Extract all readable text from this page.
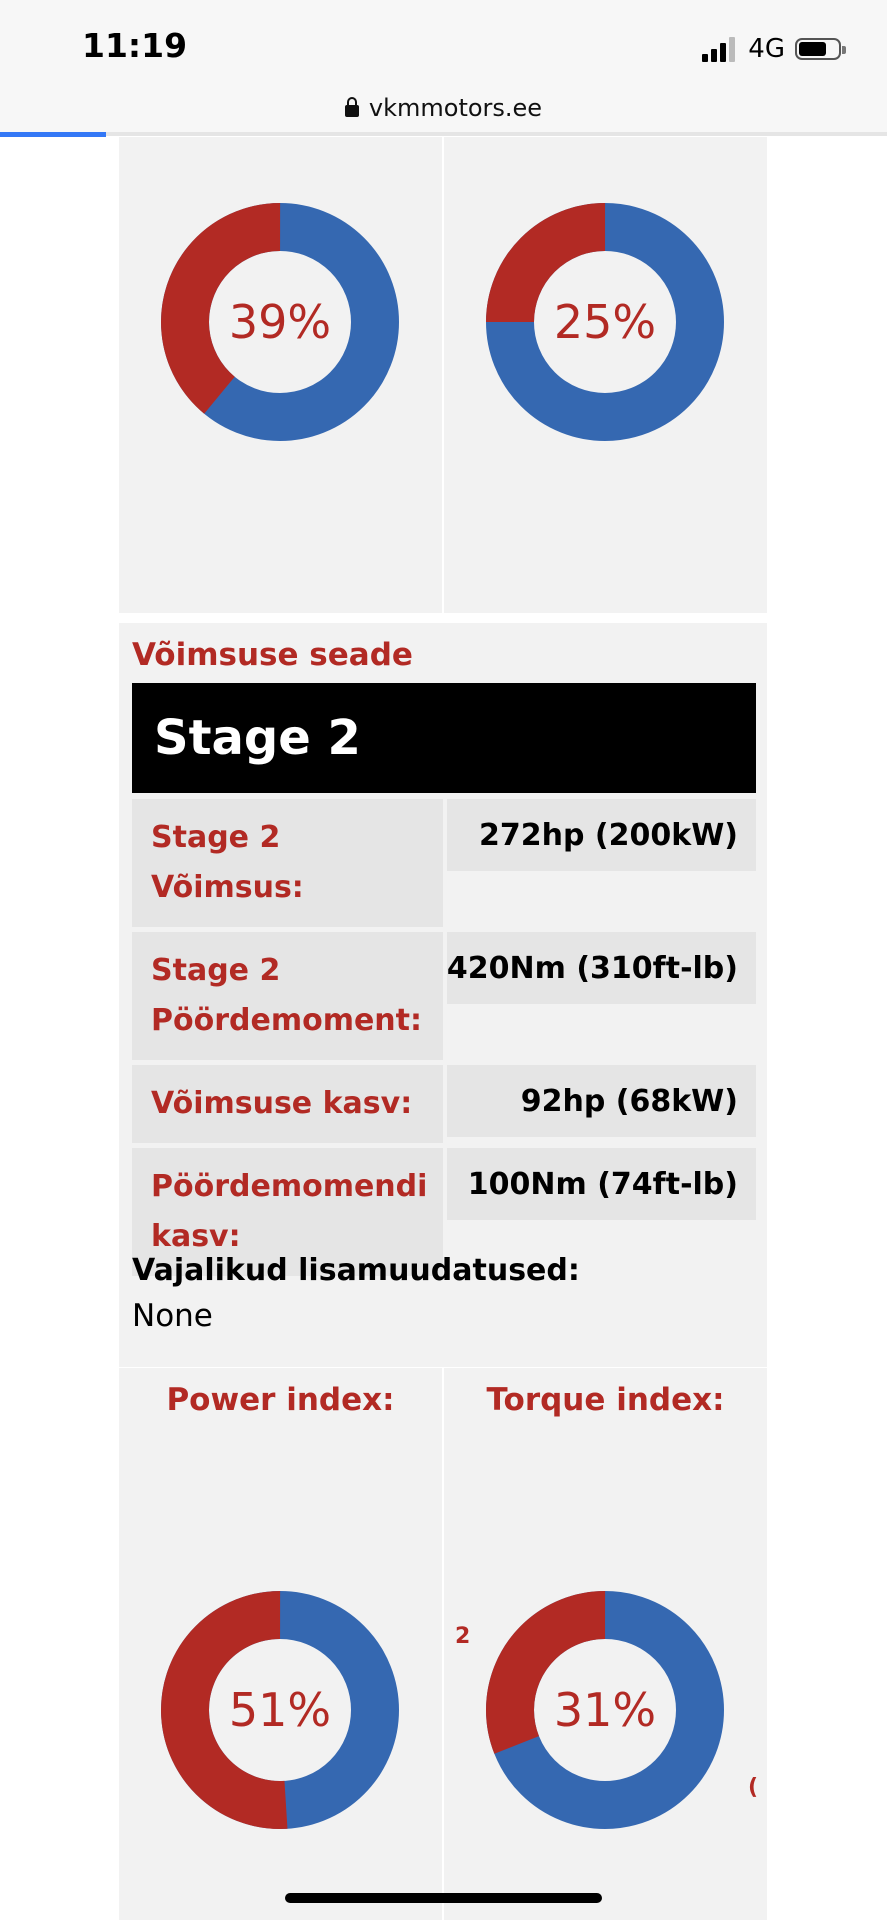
11:19	4G
vkmmotors.ee
39%	25%
Võimsuse seade
Stage 2
Stage 2 Võimsus:
272hp (200kW)
Stage 2 Pöördemoment:
420Nm (310ft-lb)
Võimsuse kasv:	92hp (68kW)
Pöördemomendi kasv:
100Nm (74ft-lb)
Vajalikud lisamuudatused:
None
Power index:
51%
Torque index:
31%
2
(
